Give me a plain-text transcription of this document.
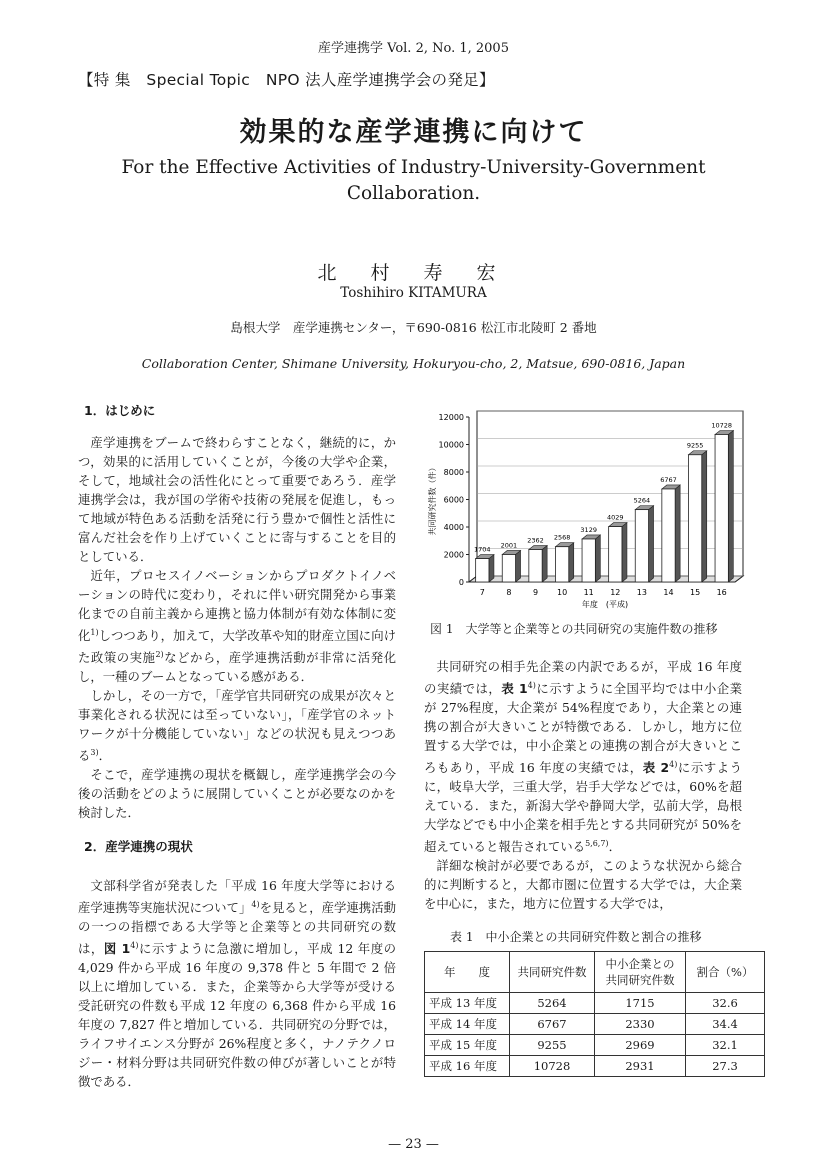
産学連携学 Vol. 2, No. 1, 2005
【特 集　Special Topic　NPO 法人産学連携学会の発足】
効果的な産学連携に向けて
For the Effective Activities of Industry-University-Government
Collaboration.
北 村 寿 宏
Toshihiro KITAMURA
島根大学　産学連携センター，〒690-0816 松江市北陵町 2 番地
Collaboration Center, Shimane University, Hokuryou-cho, 2, Matsue, 690-0816, Japan
1．はじめに

産学連携をブームで終わらすことなく，継続的に，かつ，効果的に活用していくことが，今後の大学や企業，そして，地域社会の活性化にとって重要であろう．産学連携学会は，我が国の学術や技術の発展を促進し，もって地域が特色ある活動を活発に行う豊かで個性と活性に富んだ社会を作り上げていくことに寄与することを目的としている．

近年，プロセスイノベーションからプロダクトイノベーションの時代に変わり，それに伴い研究開発から事業化までの自前主義から連携と協力体制が有効な体制に変化$^{1)}$しつつあり，加えて，大学改革や知的財産立国に向けた政策の実施$^{2)}$などから，産学連携活動が非常に活発化し，一種のブームとなっている感がある．

しかし，その一方で，「産学官共同研究の成果が次々と事業化される状況には至っていない」，「産学官のネットワークが十分機能していない」などの状況も見えつつある$^{3)}$．

そこで，産学連携の現状を概観し，産学連携学会の今後の活動をどのように展開していくことが必要なのかを検討した．

2．産学連携の現状

文部科学省が発表した「平成 16 年度大学等における産学連携等実施状況について」$^{4)}$を見ると，産学連携活動の一つの指標である大学等と企業等との共同研究の数は，図 1$^{4)}$に示すように急激に増加し，平成 12 年度の 4,029 件から平成 16 年度の 9,378 件と 5 年間で 2 倍以上に増加している．また，企業等から大学等が受ける受託研究の件数も平成 12 年度の 6,368 件から平成 16 年度の 7,827 件と増加している．共同研究の分野では，ライフサイエンス分野が 26%程度と多く，ナノテクノロジー・材料分野は共同研究件数の伸びが著しいことが特徴である．

0
2000
4000
6000
8000
10000
12000
1704
7
2001
8
2362
9
2568
10
3129
11
4029
12
5264
13
6767
14
9255
15
10728
16
年度　(平成)
共同研究件数（件）
図 1　大学等と企業等との共同研究の実施件数の推移

共同研究の相手先企業の内訳であるが，平成 16 年度の実績では，表 1$^{4)}$に示すように全国平均では中小企業が 27%程度，大企業が 54%程度であり，大企業との連携の割合が大きいことが特徴である．しかし，地方に位置する大学では，中小企業との連携の割合が大きいところもあり，平成 16 年度の実績では，表 2$^{4)}$に示すように，岐阜大学，三重大学，岩手大学などでは，60%を超えている．また，新潟大学や静岡大学，弘前大学，島根大学などでも中小企業を相手先とする共同研究が 50%を超えていると報告されている$^{5,6,7)}$．

詳細な検討が必要であるが，このような状況から総合的に判断すると，大都市圏に位置する大学では，大企業を中心に，また，地方に位置する大学では，

表 1　中小企業との共同研究件数と割合の推移
年　　度	共同研究件数	中小企業との
共同研究件数	割合（%）
平成 13 年度	5264	1715	32.6
平成 14 年度	6767	2330	34.4
平成 15 年度	9255	2969	32.1
平成 16 年度	10728	2931	27.3
— 23 —
